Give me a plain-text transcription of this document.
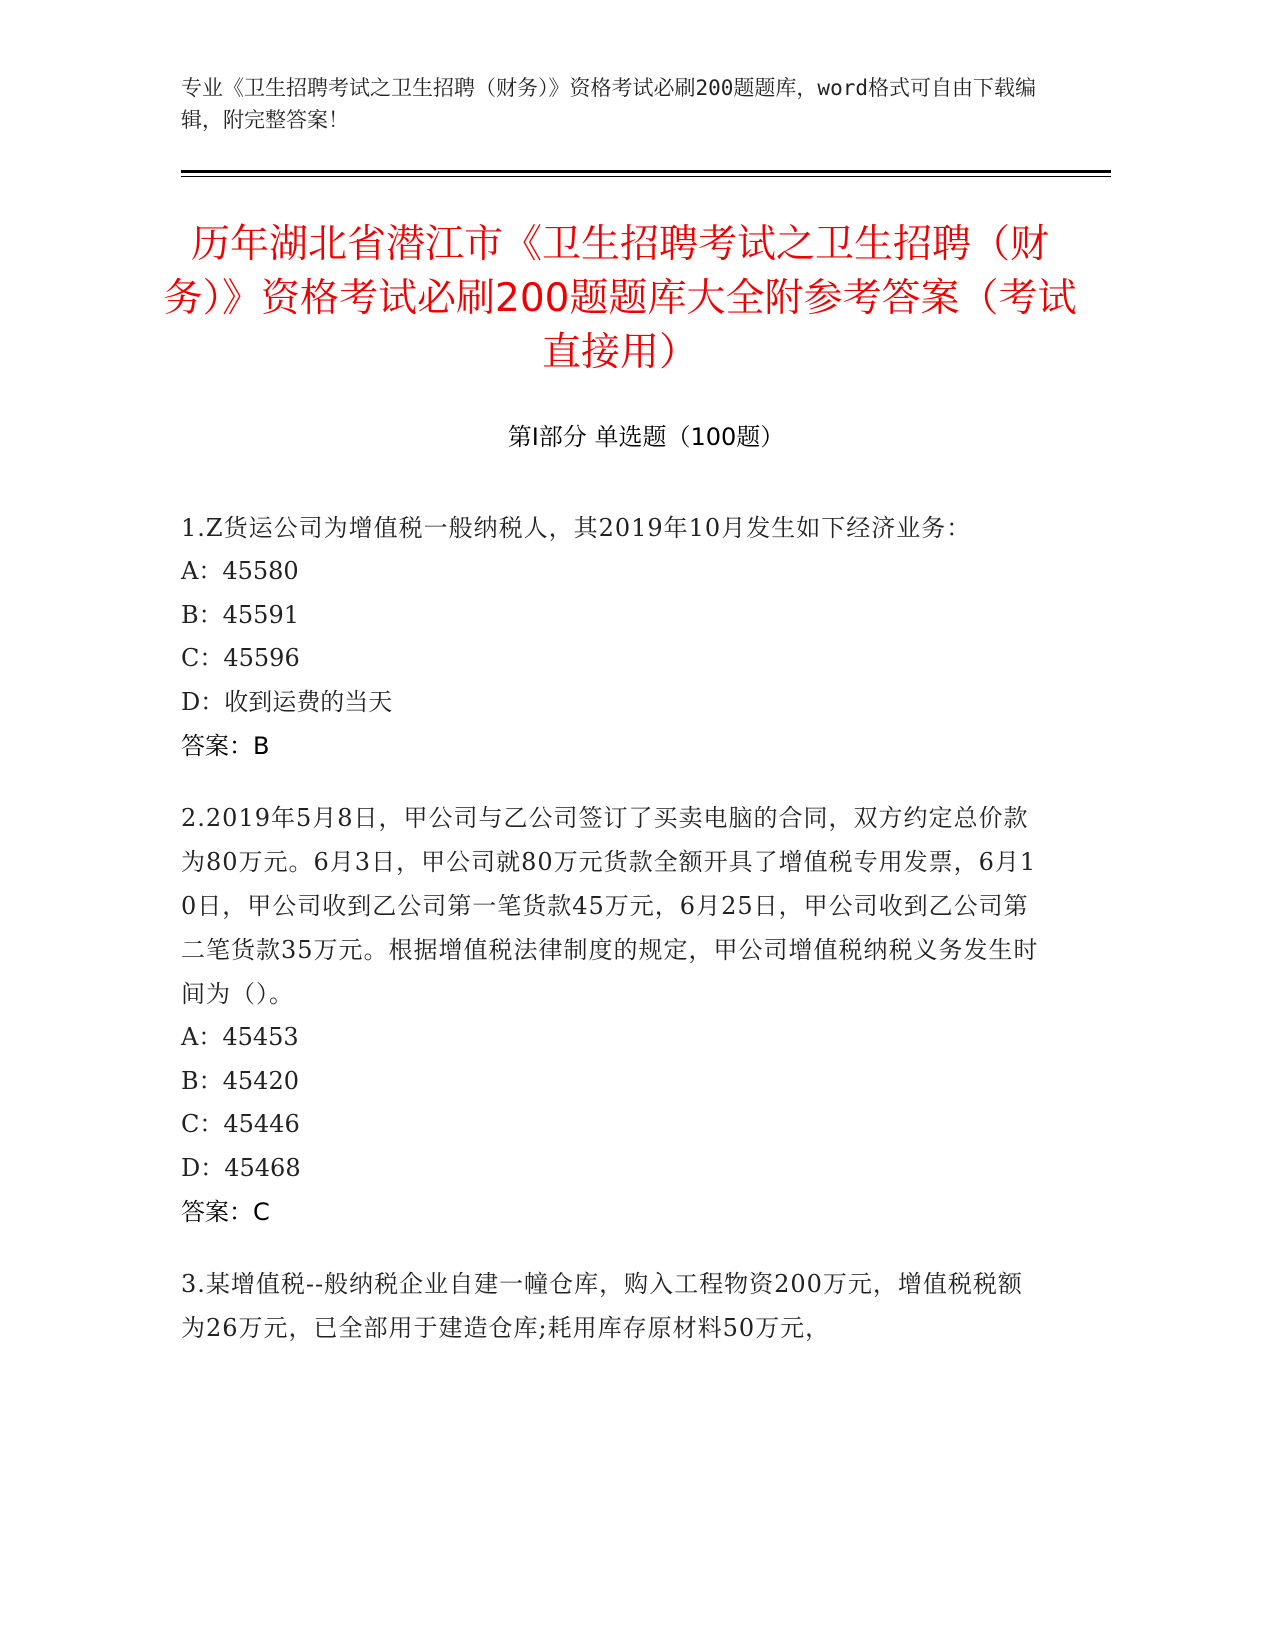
专业《卫生招聘考试之卫生招聘（财务）》资格考试必刷200题题库，word格式可自由下载编辑，附完整答案！
历年湖北省潜江市《卫生招聘考试之卫生招聘（财务）》资格考试必刷200题题库大全附参考答案（考试直接用）
第Ⅰ部分 单选题（100题）
1.Z货运公司为增值税一般纳税人，其2019年10月发生如下经济业务：
A： 45580
B： 45591
C： 45596
D： 收到运费的当天
答案：B
2.2019年5月8日，甲公司与乙公司签订了买卖电脑的合同，双方约定总价款为80万元。6月3日，甲公司就80万元货款全额开具了增值税专用发票，6月10日，甲公司收到乙公司第一笔货款45万元，6月25日，甲公司收到乙公司第二笔货款35万元。根据增值税法律制度的规定，甲公司增值税纳税义务发生时间为（）。
A： 45453
B： 45420
C： 45446
D： 45468
答案：C
3.某增值税--般纳税企业自建一幢仓库，购入工程物资200万元，增值税税额为26万元，已全部用于建造仓库;耗用库存原材料50万元，
